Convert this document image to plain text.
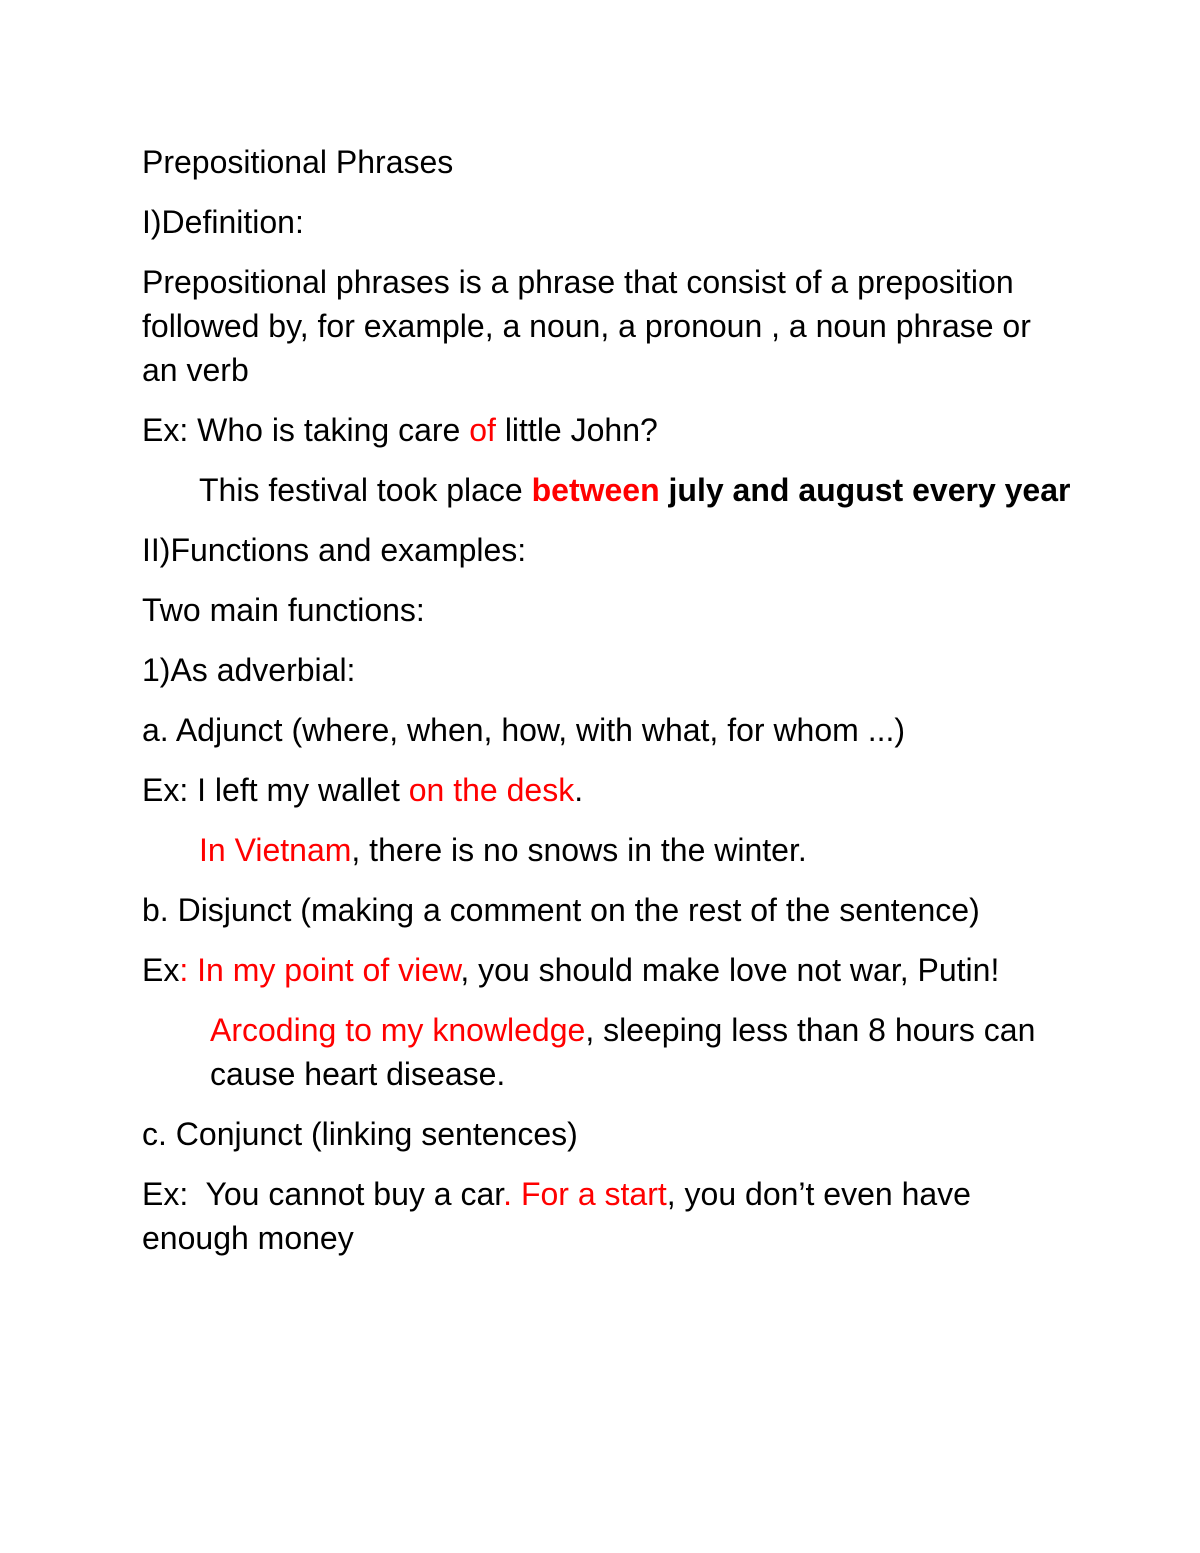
Prepositional Phrases

I)Definition:

Prepositional phrases is a phrase that consist of a preposition followed by, for example, a noun, a pronoun , a noun phrase or an verb

Ex: Who is taking care of little John?

This festival took place between july and august every year

II)Functions and examples:

Two main functions:

1)As adverbial:

a. Adjunct (where, when, how, with what, for whom ...)

Ex: I left my wallet on the desk.

In Vietnam, there is no snows in the winter.

b. Disjunct (making a comment on the rest of the sentence)

Ex: In my point of view, you should make love not war, Putin!

Arcoding to my knowledge, sleeping less than 8 hours can cause heart disease.

c. Conjunct (linking sentences)

Ex:  You cannot buy a car. For a start, you don’t even have enough money
